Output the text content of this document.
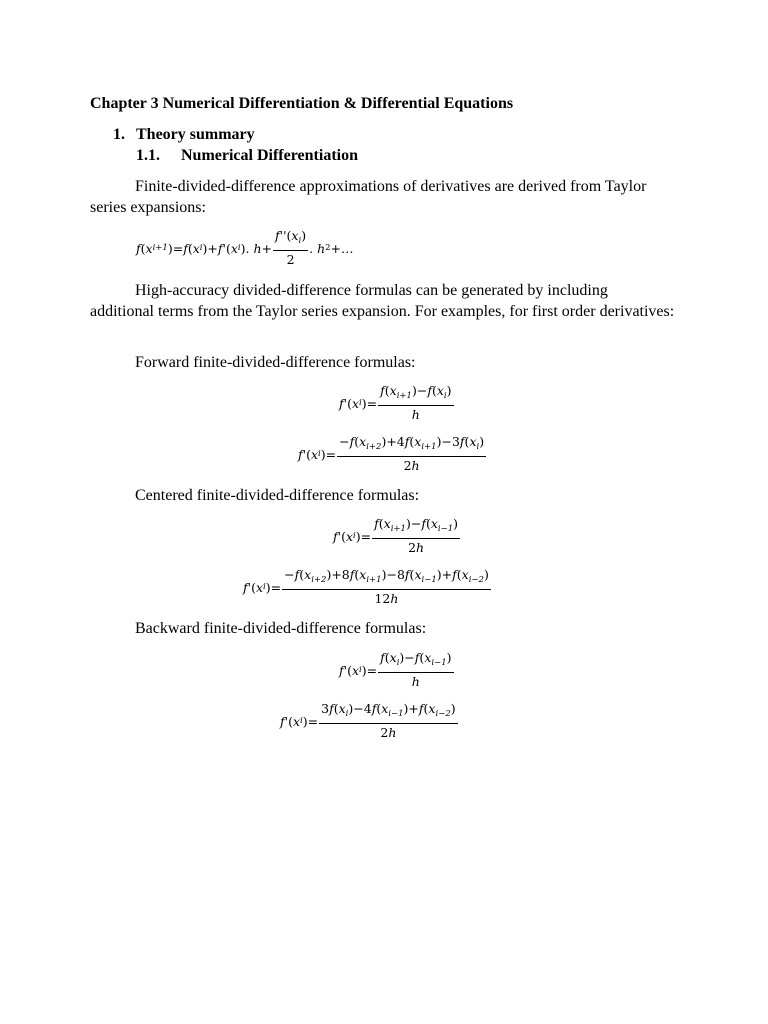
Chapter 3 Numerical Differentiation & Differential Equations
1. Theory summary
1.1. Numerical Differentiation
Finite-divided-difference approximations of derivatives are derived from Taylor series expansions:
f ( x i+1 )= f ( x i )+ f '( x i ) .
$h + \frac{f''(x_i)}{2}$ .
h 2 +…
High-accuracy divided-difference formulas can be generated by including additional terms from the Taylor series expansion. For examples, for first order derivatives:
Forward finite-divided-difference formulas:
f '( x i )= $\frac{f(x_{i+1})-f(x_i)}{h}$
f '( x i )= $\frac{-f(x_{i+2})+4f(x_{i+1})-3f(x_i)}{2h}$
Centered finite-divided-difference formulas:
f '( x i )= $\frac{f(x_{i+1})-f(x_{i-1})}{2h}$
f '( x i )= $\frac{-f(x_{i+2})+8f(x_{i+1})-8f(x_{i-1})+f(x_{i-2})}{12h}$
Backward finite-divided-difference formulas:
f '( x i )= $\frac{f(x_i)-f(x_{i-1})}{h}$
f '( x i )= $\frac{3f(x_i)-4f(x_{i-1})+f(x_{i-2})}{2h}$
